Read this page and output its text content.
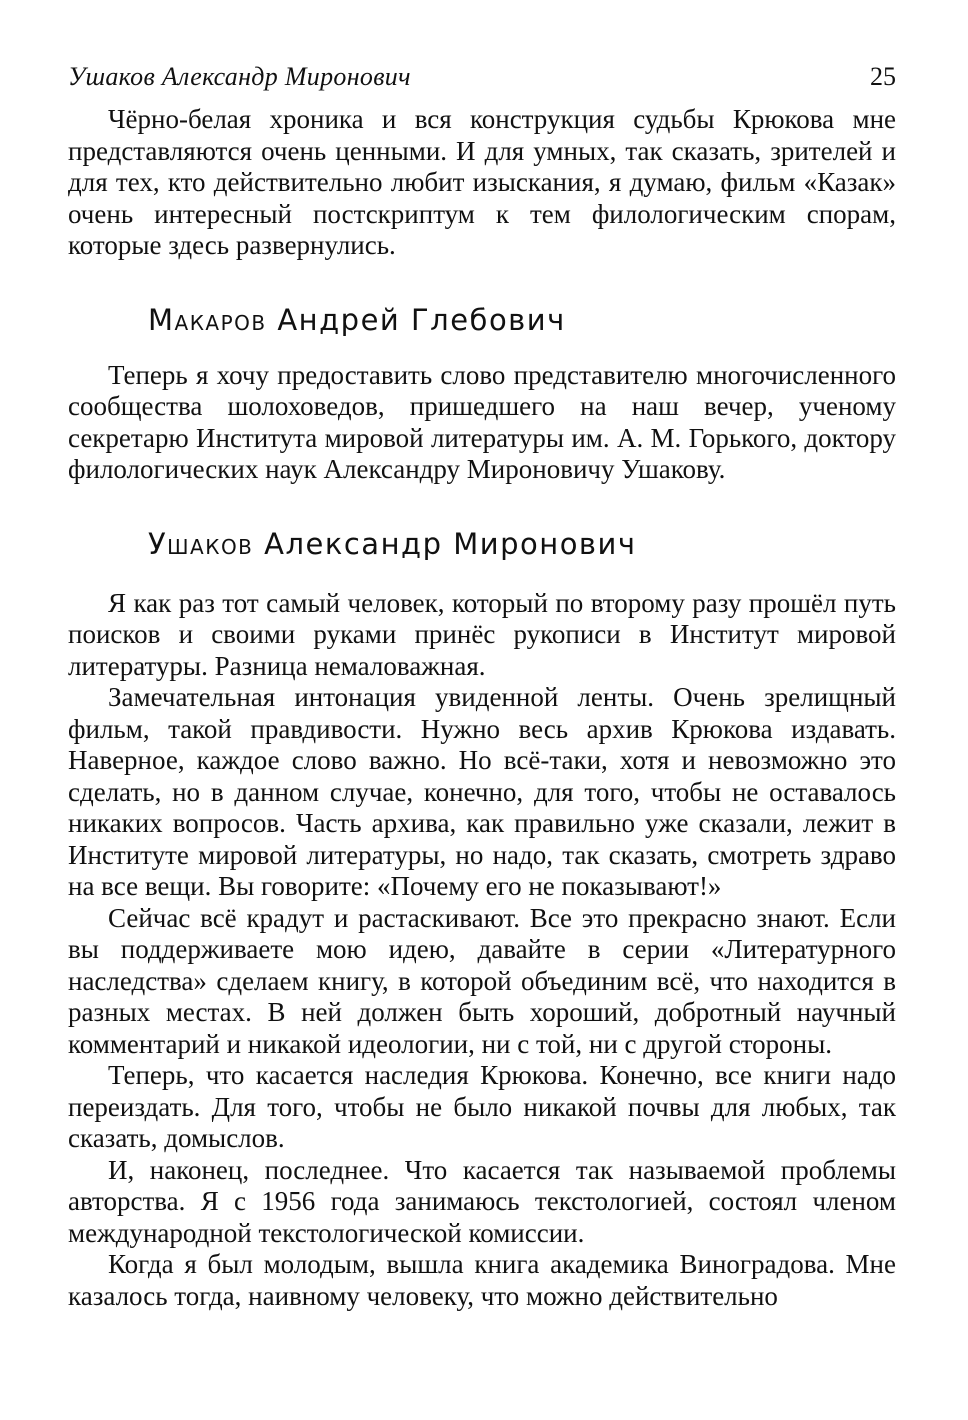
Ушаков Александр Миронович	25

Чёрно-белая хроника и вся конструкция судьбы Крюкова мне представляются очень ценными. И для умных, так сказать, зрителей и для тех, кто действительно любит изыскания, я думаю, фильм «Казак» очень интересный постскриптум к тем филологическим спорам, которые здесь развернулись.

Макаров Андрей Глебович

Теперь я хочу предоставить слово представителю многочисленного сообщества шолоховедов, пришедшего на наш вечер, ученому секретарю Института мировой литературы им. А. М. Горького, доктору филологических наук Александру Мироновичу Ушакову.

Ушаков Александр Миронович

Я как раз тот самый человек, который по второму разу прошёл путь поисков и своими руками принёс рукописи в Институт мировой литературы. Разница немаловажная.

Замечательная интонация увиденной ленты. Очень зрелищный фильм, такой правдивости. Нужно весь архив Крюкова издавать. Наверное, каждое слово важно. Но всё-таки, хотя и невозможно это сделать, но в данном случае, конечно, для того, чтобы не оставалось никаких вопросов. Часть архива, как правильно уже сказали, лежит в Институте мировой литературы, но надо, так сказать, смотреть здраво на все вещи. Вы говорите: «Почему его не показывают!»

Сейчас всё крадут и растаскивают. Все это прекрасно знают. Если вы поддерживаете мою идею, давайте в серии «Литературного наследства» сделаем книгу, в которой объединим всё, что находится в разных местах. В ней должен быть хороший, добротный научный комментарий и никакой идеологии, ни с той, ни с другой стороны.

Теперь, что касается наследия Крюкова. Конечно, все книги надо переиздать. Для того, чтобы не было никакой почвы для любых, так сказать, домыслов.

И, наконец, последнее. Что касается так называемой проблемы авторства. Я с 1956 года занимаюсь текстологией, состоял членом международной текстологической комиссии.

Когда я был молодым, вышла книга академика Виноградова. Мне казалось тогда, наивному человеку, что можно действительно
